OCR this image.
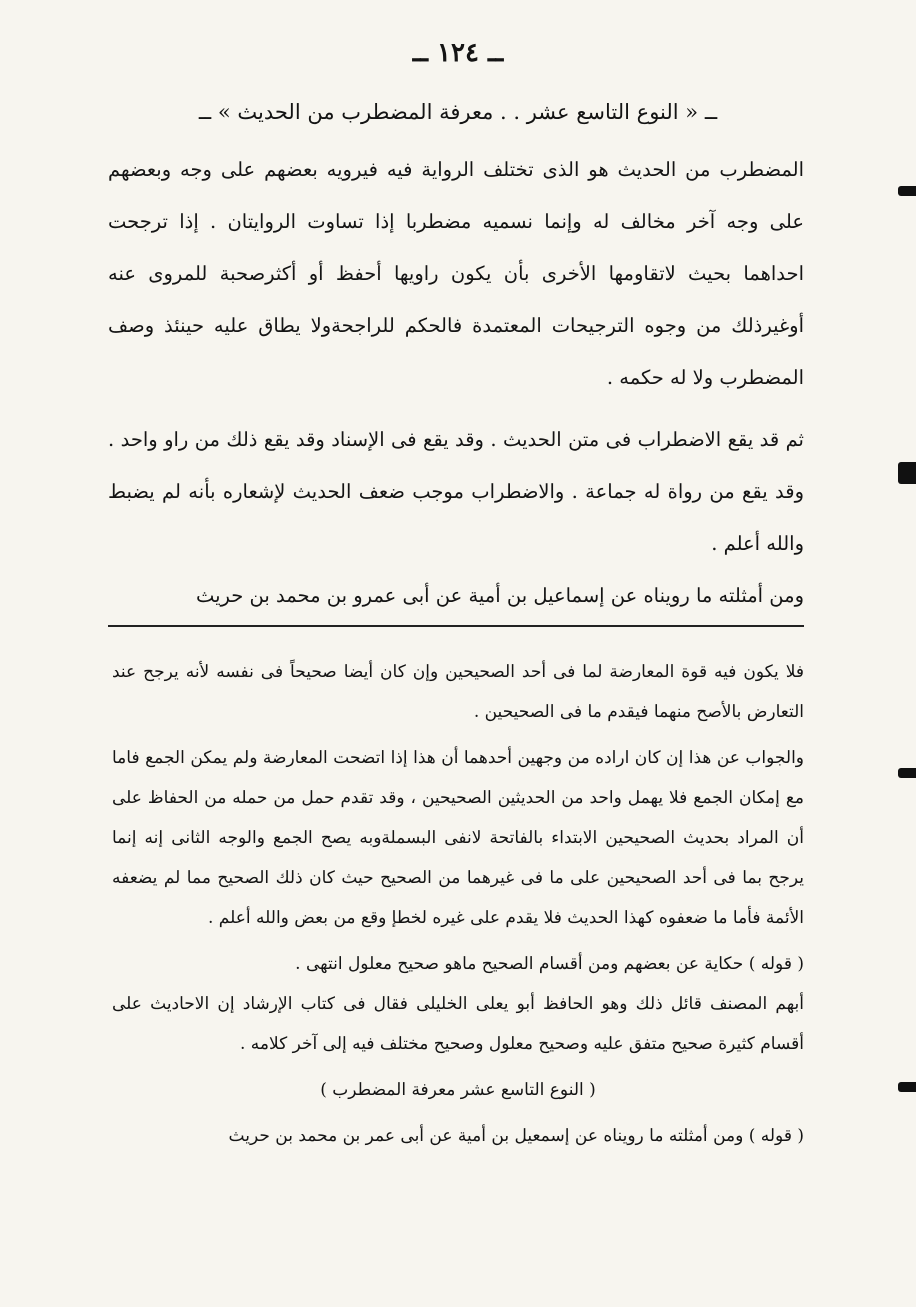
ــ ١٢٤ ــ
ــ « النوع التاسع عشر . . معرفة المضطرب من الحديث » ــ

المضطرب من الحديث هو الذى تختلف الرواية فيه فيرويه بعضهم على وجه وبعضهم على وجه آخر مخالف له وإنما نسميه مضطربا إذا تساوت الروايتان . إذا ترجحت احداهما بحيث لاتقاومها الأخرى بأن يكون راويها أحفظ أو أكثرصحبة للمروى عنه أوغيرذلك من وجوه الترجيحات المعتمدة فالحكم للراجحةولا يطاق عليه حينئذ وصف المضطرب ولا له حكمه .

ثم قد يقع الاضطراب فى متن الحديث . وقد يقع فى الإسناد وقد يقع ذلك من راو واحد . وقد يقع من رواة له جماعة . والاضطراب موجب ضعف الحديث لإشعاره بأنه لم يضبط والله أعلم .

ومن أمثلته ما رويناه عن إسماعيل بن أمية عن أبى عمرو بن محمد بن حريث

فلا يكون فيه قوة المعارضة لما فى أحد الصحيحين وإن كان أيضا صحيحاً فى نفسه لأنه يرجح عند التعارض بالأصح منهما فيقدم ما فى الصحيحين .

والجواب عن هذا إن كان اراده من وجهين أحدهما أن هذا إذا اتضحت المعارضة ولم يمكن الجمع فاما مع إمكان الجمع فلا يهمل واحد من الحديثين الصحيحين ، وقد تقدم حمل من حمله من الحفاظ على أن المراد بحديث الصحيحين الابتداء بالفاتحة لانفى البسملةوبه يصح الجمع والوجه الثانى إنه إنما يرجح بما فى أحد الصحيحين على ما فى غيرهما من الصحيح حيث كان ذلك الصحيح مما لم يضعفه الأئمة فأما ما ضعفوه كهذا الحديث فلا يقدم على غيره لخطإ وقع من بعض والله أعلم .

( قوله ) حكاية عن بعضهم ومن أقسام الصحيح ماهو صحيح معلول انتهى .

أبهم المصنف قائل ذلك وهو الحافظ أبو يعلى الخليلى فقال فى كتاب الإرشاد إن الاحاديث على أقسام كثيرة صحيح متفق عليه وصحيح معلول وصحيح مختلف فيه إلى آخر كلامه .

( النوع التاسع عشر معرفة المضطرب )

( قوله ) ومن أمثلته ما رويناه عن إسمعيل بن أمية عن أبى عمر بن محمد بن حريث
